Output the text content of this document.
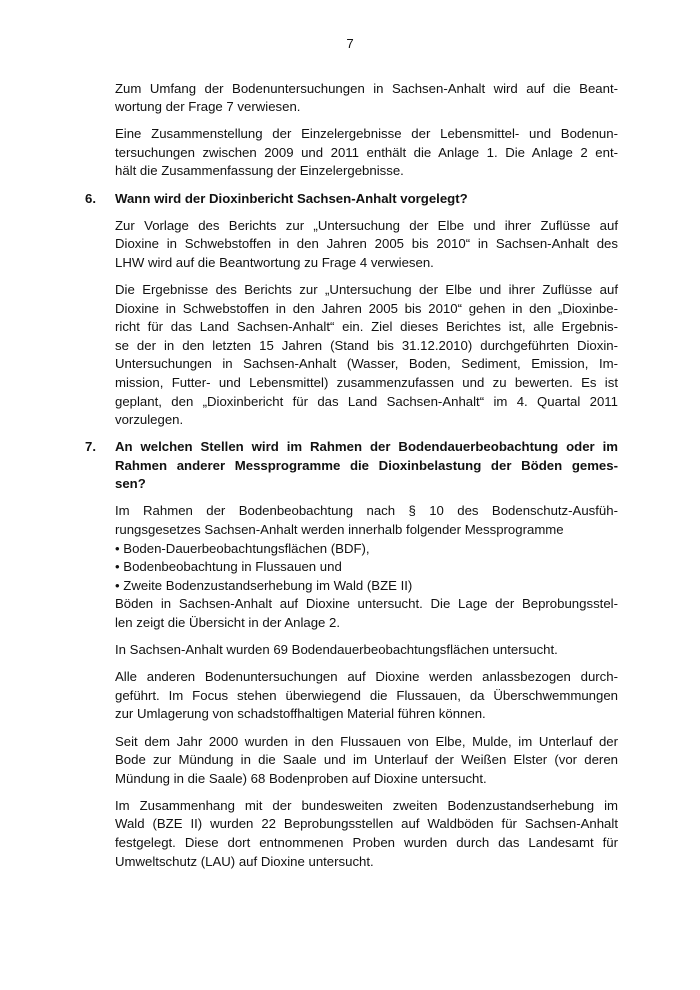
7
Zum Umfang der Bodenuntersuchungen in Sachsen-Anhalt wird auf die Beant-
wortung der Frage 7 verwiesen.
Eine Zusammenstellung der Einzelergebnisse der Lebensmittel- und Bodenun-
tersuchungen zwischen 2009 und 2011 enthält die Anlage 1. Die Anlage 2 ent-
hält die Zusammenfassung der Einzelergebnisse.
6.	Wann wird der Dioxinbericht Sachsen-Anhalt vorgelegt?
Zur Vorlage des Berichts zur „Untersuchung der Elbe und ihrer Zuflüsse auf
Dioxine in Schwebstoffen in den Jahren 2005 bis 2010“ in Sachsen-Anhalt des
LHW wird auf die Beantwortung zu Frage 4 verwiesen.
Die Ergebnisse des Berichts zur „Untersuchung der Elbe und ihrer Zuflüsse auf
Dioxine in Schwebstoffen in den Jahren 2005 bis 2010“ gehen in den „Dioxinbe-
richt für das Land Sachsen-Anhalt“ ein. Ziel dieses Berichtes ist, alle Ergebnis-
se der in den letzten 15 Jahren (Stand bis 31.12.2010) durchgeführten Dioxin-
Untersuchungen in Sachsen-Anhalt (Wasser, Boden, Sediment, Emission, Im-
mission, Futter- und Lebensmittel) zusammenzufassen und zu bewerten. Es ist
geplant, den „Dioxinbericht für das Land Sachsen-Anhalt“ im 4. Quartal 2011
vorzulegen.
7.	An welchen Stellen wird im Rahmen der Bodendauerbeobachtung oder im
Rahmen anderer Messprogramme die Dioxinbelastung der Böden gemes-
sen?
Im Rahmen der Bodenbeobachtung nach § 10 des Bodenschutz-Ausfüh-
rungsgesetzes Sachsen-Anhalt werden innerhalb folgender Messprogramme
• Boden-Dauerbeobachtungsflächen (BDF),
• Bodenbeobachtung in Flussauen und
• Zweite Bodenzustandserhebung im Wald (BZE II)
Böden in Sachsen-Anhalt auf Dioxine untersucht. Die Lage der Beprobungsstel-
len zeigt die Übersicht in der Anlage 2.
In Sachsen-Anhalt wurden 69 Bodendauerbeobachtungsflächen untersucht.
Alle anderen Bodenuntersuchungen auf Dioxine werden anlassbezogen durch-
geführt. Im Focus stehen überwiegend die Flussauen, da Überschwemmungen
zur Umlagerung von schadstoffhaltigen Material führen können.
Seit dem Jahr 2000 wurden in den Flussauen von Elbe, Mulde, im Unterlauf der
Bode zur Mündung in die Saale und im Unterlauf der Weißen Elster (vor deren
Mündung in die Saale) 68 Bodenproben auf Dioxine untersucht.
Im Zusammenhang mit der bundesweiten zweiten Bodenzustandserhebung im
Wald (BZE II) wurden 22 Beprobungsstellen auf Waldböden für Sachsen-Anhalt
festgelegt. Diese dort entnommenen Proben wurden durch das Landesamt für
Umweltschutz (LAU) auf Dioxine untersucht.
